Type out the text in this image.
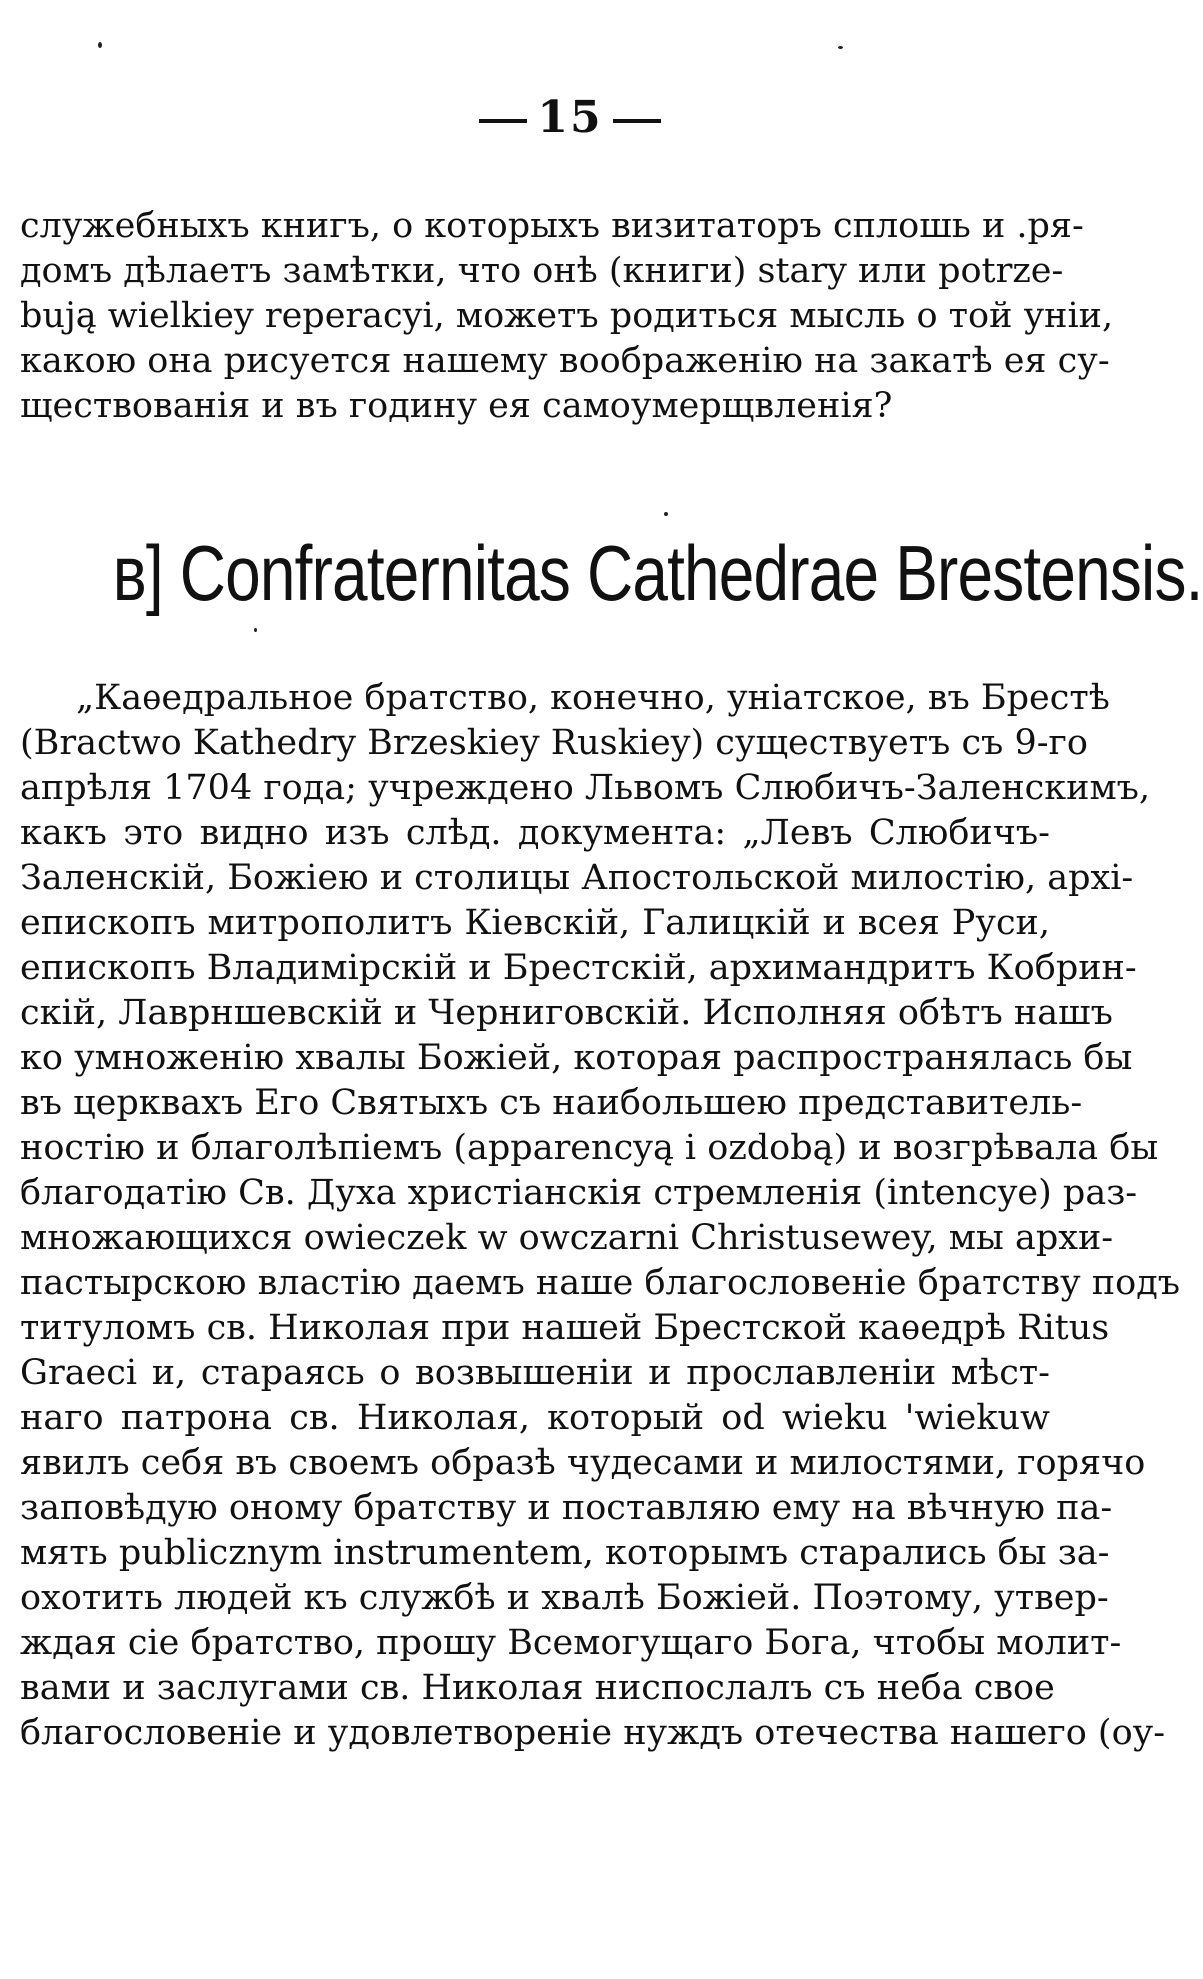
15
служебныхъ книгъ, о которыхъ визитаторъ сплошь и .ря-
домъ дѣлаетъ замѣтки, что онѣ (книги) stary или potrze-
bują wielkiey reperacyi, можетъ родиться мысль о той уніи,
какою она рисуется нашему воображенію на закатѣ ея су-
ществованія и въ годину ея самоумерщвленія?
в] Confraternitas Cathedrae Brestensis.
„Каѳедральное братство, конечно, уніатское, въ Брестѣ
(Bractwo Kathedry Brzeskiey Ruskiey) существуетъ съ 9-го
апрѣля 1704 года; учреждено Львомъ Слюбичъ-Заленскимъ,
какъ это видно изъ слѣд. документа: „Левъ Слюбичъ-
Заленскій, Божіею и столицы Апостольской милостію, архі-
епископъ митрополитъ Кіевскій, Галицкій и всея Руси,
епископъ Владимірскій и Брестскій, архимандритъ Кобрин-
скій, Лаврншевскій и Черниговскій. Исполняя обѣтъ нашъ
ко умноженію хвалы Божіей, которая распространялась бы
въ церквахъ Его Святыхъ съ наибольшею представитель-
ностію и благолѣпіемъ (apparencyą i ozdobą) и возгрѣвала бы
благодатію Св. Духа христіанскія стремленія (intencye) раз-
множающихся owieczek w owczarni Christusewey, мы архи-
пастырскою властію даемъ наше благословеніе братству подъ
титуломъ св. Николая при нашей Брестской каѳедрѣ Ritus
Graeci и, стараясь о возвышеніи и прославленіи мѣст-
наго патрона св. Николая, который od wieku 'wiekuw
явилъ себя въ своемъ образѣ чудесами и милостями, горячо
заповѣдую оному братству и поставляю ему на вѣчную па-
мять publicznym instrumentem, которымъ старались бы за-
охотить людей къ службѣ и хвалѣ Божіей. Поэтому, утвер-
ждая сіе братство, прошу Всемогущаго Бога, чтобы молит-
вами и заслугами св. Николая ниспослалъ съ неба свое
благословеніе и удовлетвореніе нуждъ отечества нашего (оу-
